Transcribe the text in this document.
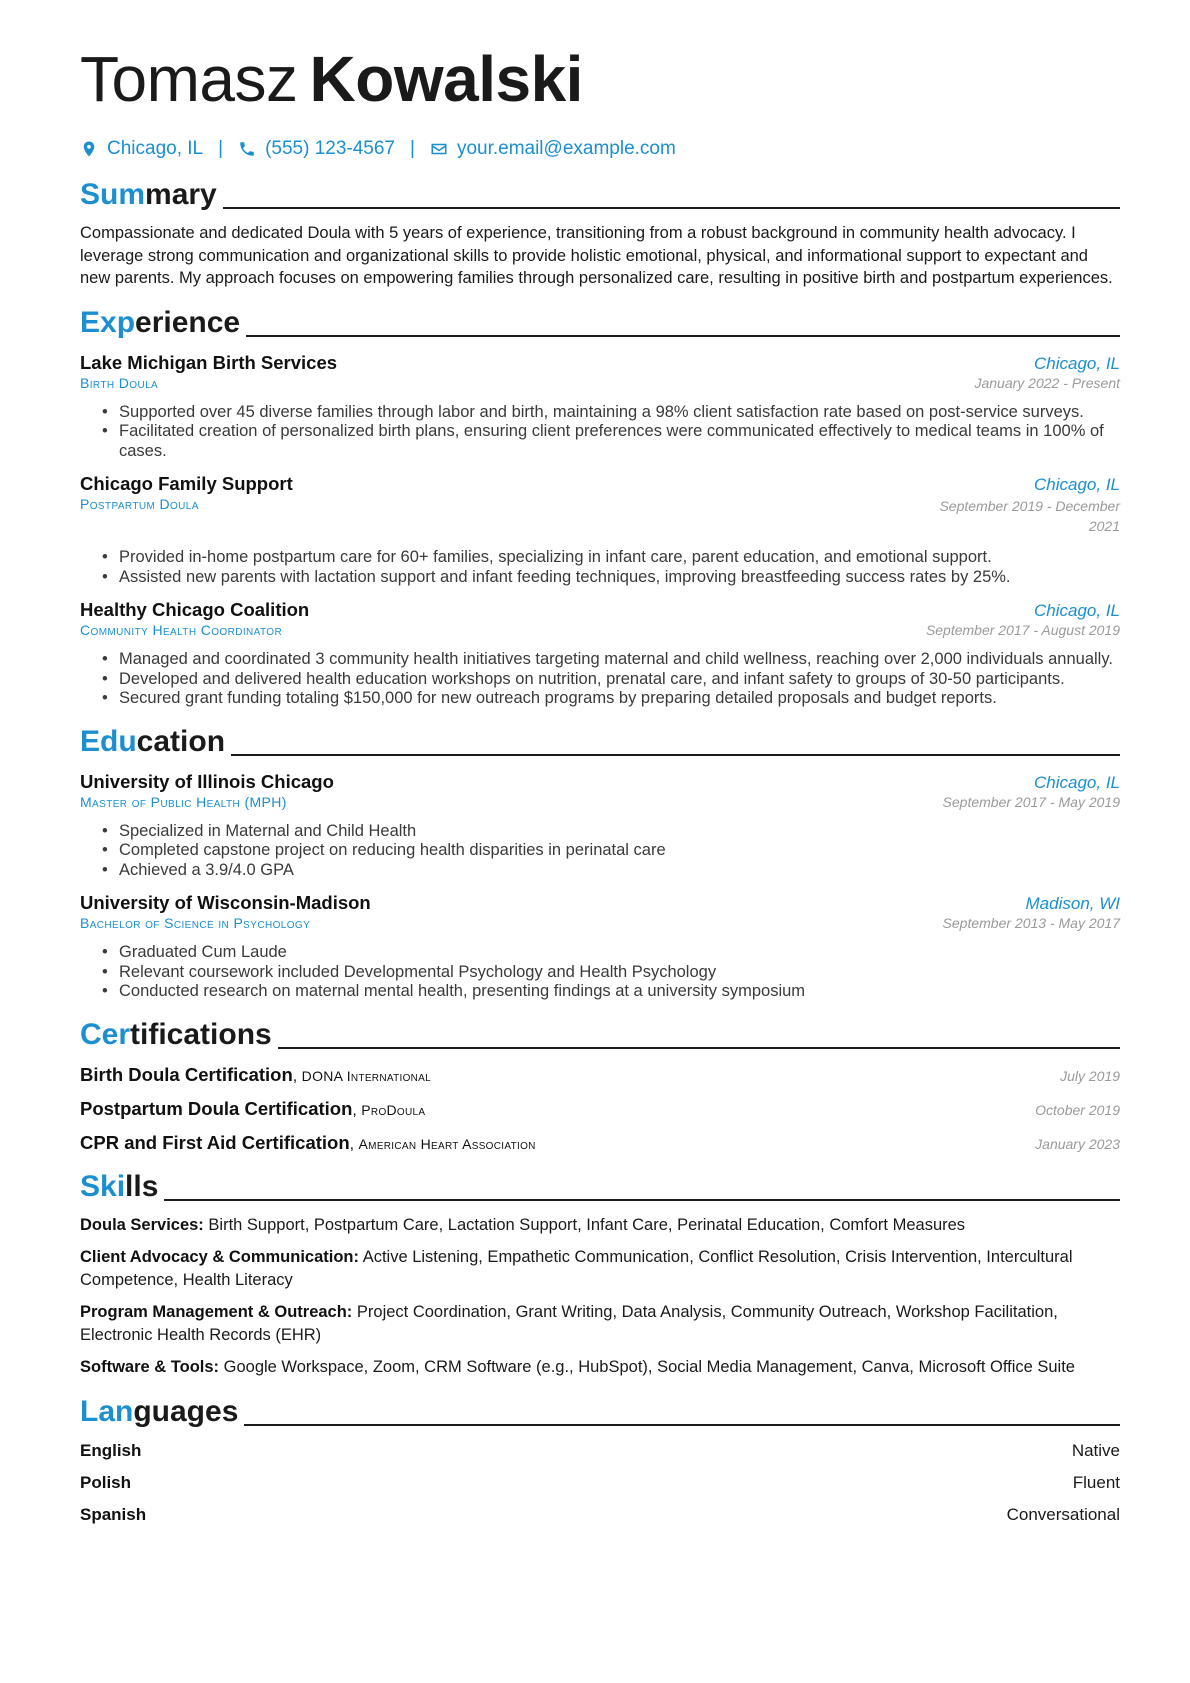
Tomasz Kowalski
Chicago, IL | (555) 123-4567 | your.email@example.com
Summary

Compassionate and dedicated Doula with 5 years of experience, transitioning from a robust background in community health advocacy. I leverage strong communication and organizational skills to provide holistic emotional, physical, and informational support to expectant and new parents. My approach focuses on empowering families through personalized care, resulting in positive birth and postpartum experiences.

Experience
Lake Michigan Birth Services	Chicago, IL
Birth Doula	January 2022 - Present
• Supported over 45 diverse families through labor and birth, maintaining a 98% client satisfaction rate based on post-service surveys.
• Facilitated creation of personalized birth plans, ensuring client preferences were communicated effectively to medical teams in 100% of cases.
Chicago Family Support	Chicago, IL
Postpartum Doula	September 2019 - December 2021
• Provided in-home postpartum care for 60+ families, specializing in infant care, parent education, and emotional support.
• Assisted new parents with lactation support and infant feeding techniques, improving breastfeeding success rates by 25%.
Healthy Chicago Coalition	Chicago, IL
Community Health Coordinator	September 2017 - August 2019
• Managed and coordinated 3 community health initiatives targeting maternal and child wellness, reaching over 2,000 individuals annually.
• Developed and delivered health education workshops on nutrition, prenatal care, and infant safety to groups of 30-50 participants.
• Secured grant funding totaling $150,000 for new outreach programs by preparing detailed proposals and budget reports.
Education
University of Illinois Chicago	Chicago, IL
Master of Public Health (MPH)	September 2017 - May 2019
• Specialized in Maternal and Child Health
• Completed capstone project on reducing health disparities in perinatal care
• Achieved a 3.9/4.0 GPA
University of Wisconsin-Madison	Madison, WI
Bachelor of Science in Psychology	September 2013 - May 2017
• Graduated Cum Laude
• Relevant coursework included Developmental Psychology and Health Psychology
• Conducted research on maternal mental health, presenting findings at a university symposium
Certifications
Birth Doula Certification, DONA International	July 2019
Postpartum Doula Certification, ProDoula	October 2019
CPR and First Aid Certification, American Heart Association	January 2023
Skills

Doula Services: Birth Support, Postpartum Care, Lactation Support, Infant Care, Perinatal Education, Comfort Measures

Client Advocacy & Communication: Active Listening, Empathetic Communication, Conflict Resolution, Crisis Intervention, Intercultural Competence, Health Literacy

Program Management & Outreach: Project Coordination, Grant Writing, Data Analysis, Community Outreach, Workshop Facilitation, Electronic Health Records (EHR)

Software & Tools: Google Workspace, Zoom, CRM Software (e.g., HubSpot), Social Media Management, Canva, Microsoft Office Suite

Languages
English	Native
Polish	Fluent
Spanish	Conversational
